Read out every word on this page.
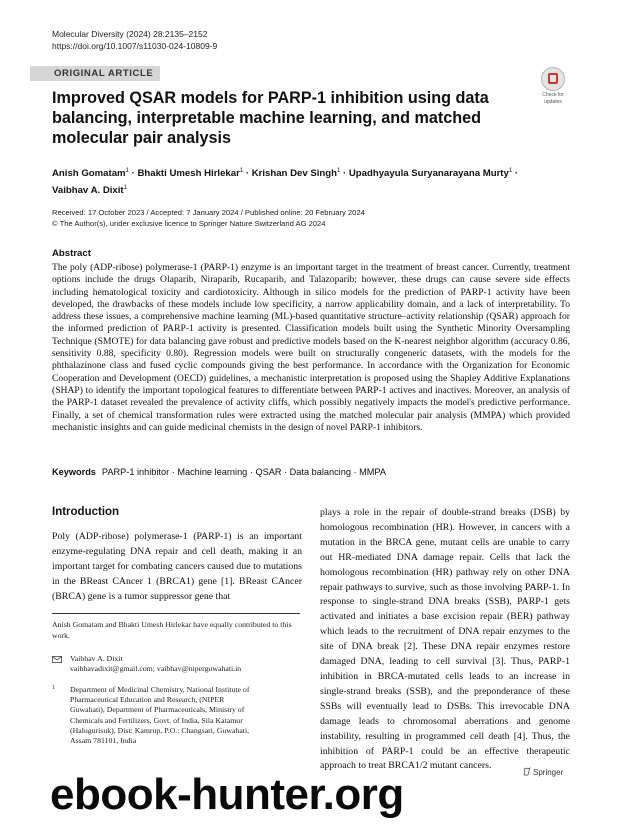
Molecular Diversity (2024) 28:2135–2152
https://doi.org/10.1007/s11030-024-10809-9
ORIGINAL ARTICLE
Check for
updates
Improved QSAR models for PARP-1 inhibition using data balancing, interpretable machine learning, and matched molecular pair analysis
Anish Gomatam$^1$ · Bhakti Umesh Hirlekar$^1$ · Krishan Dev Singh$^1$ · Upadhyayula Suryanarayana Murty$^1$ ·
Vaibhav A. Dixit$^1$
Received: 17 October 2023 / Accepted: 7 January 2024 / Published online: 20 February 2024
© The Author(s), under exclusive licence to Springer Nature Switzerland AG 2024
Abstract

The poly (ADP-ribose) polymerase-1 (PARP-1) enzyme is an important target in the treatment of breast cancer. Currently, treatment options include the drugs Olaparib, Niraparib, Rucaparib, and Talazoparib; however, these drugs can cause severe side effects including hematological toxicity and cardiotoxicity. Although in silico models for the prediction of PARP-1 activity have been developed, the drawbacks of these models include low specificity, a narrow applicability domain, and a lack of interpretability. To address these issues, a comprehensive machine learning (ML)-based quantitative structure–activity relationship (QSAR) approach for the informed prediction of PARP-1 activity is presented. Classification models built using the Synthetic Minority Oversampling Technique (SMOTE) for data balancing gave robust and predictive models based on the K-nearest neighbor algorithm (accuracy 0.86, sensitivity 0.88, specificity 0.80). Regression models were built on structurally congeneric datasets, with the models for the phthalazinone class and fused cyclic compounds giving the best performance. In accordance with the Organization for Economic Cooperation and Development (OECD) guidelines, a mechanistic interpretation is proposed using the Shapley Additive Explanations (SHAP) to identify the important topological features to differentiate between PARP-1 actives and inactives. Moreover, an analysis of the PARP-1 dataset revealed the prevalence of activity cliffs, which possibly negatively impacts the model's predictive performance. Finally, a set of chemical transformation rules were extracted using the matched molecular pair analysis (MMPA) which provided mechanistic insights and can guide medicinal chemists in the design of novel PARP-1 inhibitors.

Keywords PARP-1 inhibitor · Machine learning · QSAR · Data balancing · MMPA
Introduction

Poly (ADP-ribose) polymerase-1 (PARP-1) is an important enzyme-regulating DNA repair and cell death, making it an important target for combating cancers caused due to mutations in the BReast CAncer 1 (BRCA1) gene [1]. BReast CAncer (BRCA) gene is a tumor suppressor gene that

plays a role in the repair of double-strand breaks (DSB) by homologous recombination (HR). However, in cancers with a mutation in the BRCA gene, mutant cells are unable to carry out HR-mediated DNA damage repair. Cells that lack the homologous recombination (HR) pathway rely on other DNA repair pathways to survive, such as those involving PARP-1. In response to single-strand DNA breaks (SSB), PARP-1 gets activated and initiates a base excision repair (BER) pathway which leads to the recruitment of DNA repair enzymes to the site of DNA break [2]. These DNA repair enzymes restore damaged DNA, leading to cell survival [3]. Thus, PARP-1 inhibition in BRCA-mutated cells leads to an increase in single-strand breaks (SSB), and the preponderance of these SSBs will eventually lead to DSBs. This irrevocable DNA damage leads to chromosomal aberrations and genome instability, resulting in programmed cell death [4]. Thus, the inhibition of PARP-1 could be an effective therapeutic approach to treat BRCA1/2 mutant cancers.

Anish Gomatam and Bhakti Umesh Hirlekar have equally contributed to this work.
Vaibhav A. Dixit
vaibhavadixit@gmail.com; vaibhav@niperguwahati.in
1 Department of Medicinal Chemistry, National Institute of Pharmaceutical Education and Research, (NIPER Guwahati), Department of Pharmaceuticals, Ministry of Chemicals and Fertilizers, Govt. of India, Sila Katamur (Halugurisuk), Dist: Kamrup, P.O.: Changsari, Guwahati, Assam 781101, India
Springer
ebook-hunter.org
